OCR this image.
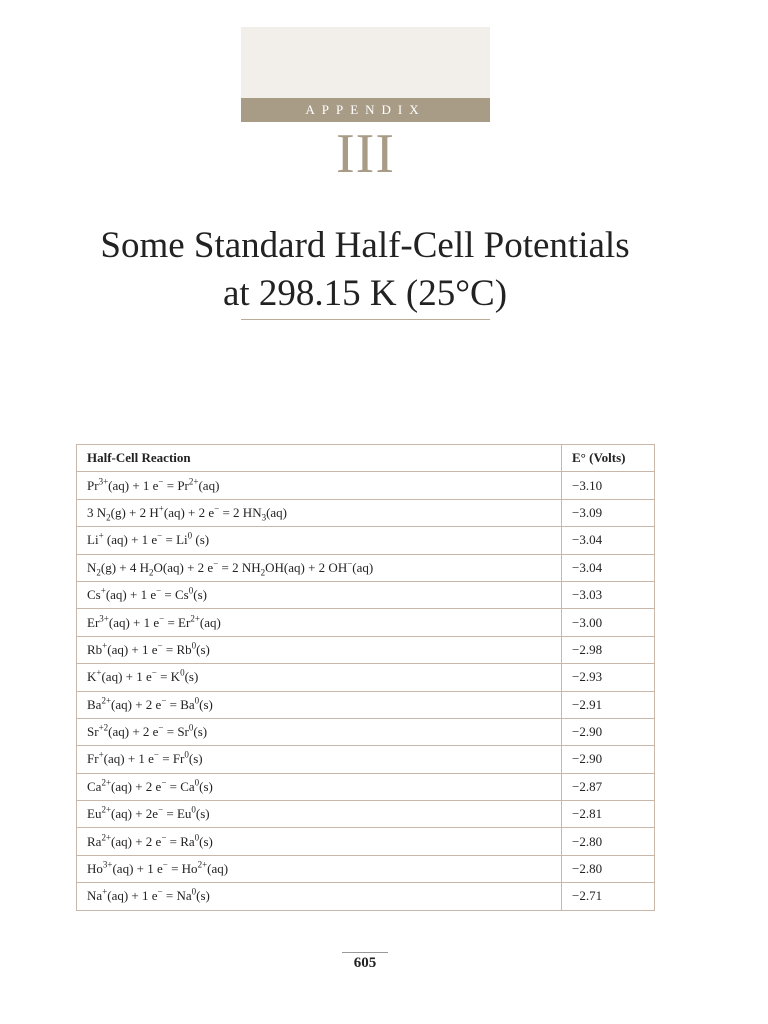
APPENDIX
III
Some Standard Half-Cell Potentials
at 298.15 K (25°C)
Half-Cell Reaction	E° (Volts)
$Pr^{3+}(aq) + 1$ $e^- = Pr^{2+}(aq)$	−3.10
3 $N_2(g) + 2$ H+(aq) + 2 e− = 2 $HN_3(aq)$	−3.09
Li+ (aq) + 1 $e^- = Li^0$ (s)	−3.04
$N_2(g) + 4$ $H_2O(aq) + 2$ e− = 2 $NH_2OH(aq) + 2$ OH−(aq)	−3.04
Cs+(aq) + 1 $e^- = Cs^0(s)$	−3.03
$Er^{3+}(aq) + 1$ $e^- = Er^{2+}(aq)$	−3.00
Rb+(aq) + 1 $e^- = Rb^0(s)$	−2.98
K+(aq) + 1 $e^- = K^0(s)$	−2.93
$Ba^{2+}(aq) + 2$ $e^- = Ba^0(s)$	−2.91
$Sr^{+2}(aq) + 2$ $e^- = Sr^0(s)$	−2.90
Fr+(aq) + 1 $e^- = Fr^0(s)$	−2.90
$Ca^{2+}(aq) + 2$ $e^- = Ca^0(s)$	−2.87
$Eu^{2+}(aq) + 2e^- = Eu^0(s)$	−2.81
$Ra^{2+}(aq) + 2$ $e^- = Ra^0(s)$	−2.80
$Ho^{3+}(aq) + 1$ $e^- = Ho^{2+}(aq)$	−2.80
Na+(aq) + 1 $e^- = Na^0(s)$	−2.71
605
